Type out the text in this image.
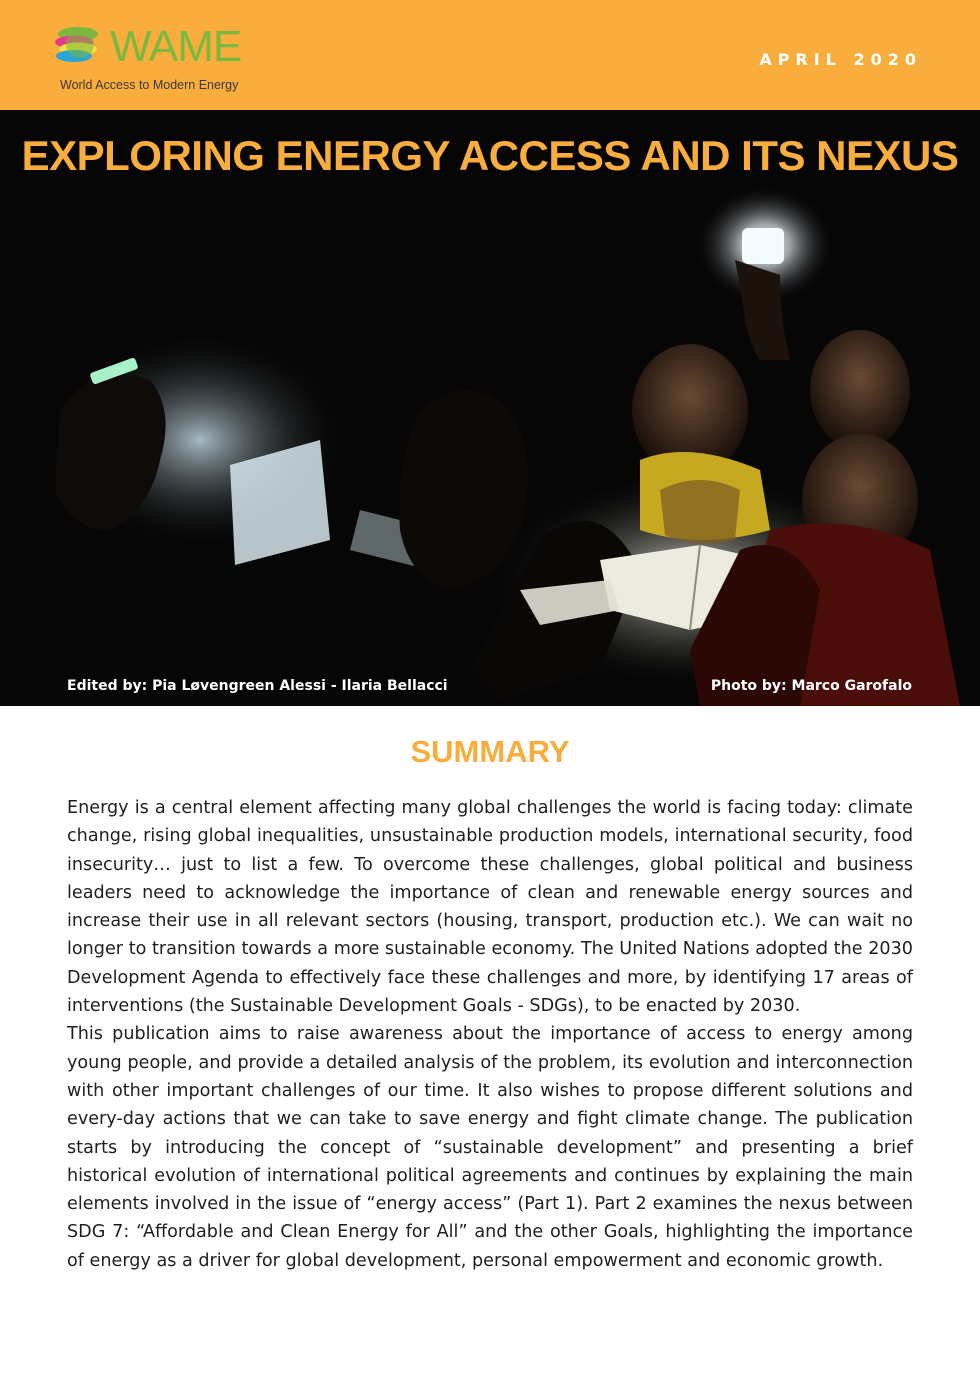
WAME
World Access to Modern Energy
APRIL 2020
EXPLORING ENERGY ACCESS AND ITS NEXUS
Edited by: Pia Løvengreen Alessi - Ilaria Bellacci	Photo by: Marco Garofalo
SUMMARY

Energy is a central element affecting many global challenges the world is facing today: climate change, rising global inequalities, unsustainable production models, international security, food insecurity… just to list a few. To overcome these challenges, global political and business leaders need to acknowledge the importance of clean and renewable energy sources and increase their use in all relevant sectors (housing, transport, production etc.). We can wait no longer to transition towards a more sustainable economy. The United Nations adopted the 2030 Development Agenda to effectively face these challenges and more, by identifying 17 areas of interventions (the Sustainable Development Goals - SDGs), to be enacted by 2030.

This publication aims to raise awareness about the importance of access to energy among young people, and provide a detailed analysis of the problem, its evolution and interconnection with other important challenges of our time. It also wishes to propose different solutions and every-day actions that we can take to save energy and fight climate change. The publication starts by introducing the concept of “sustainable development” and presenting a brief historical evolution of international political agreements and continues by explaining the main elements involved in the issue of “energy access” (Part 1). Part 2 examines the nexus between SDG 7: “Affordable and Clean Energy for All” and the other Goals, highlighting the importance of energy as a driver for global development, personal empowerment and economic growth.
